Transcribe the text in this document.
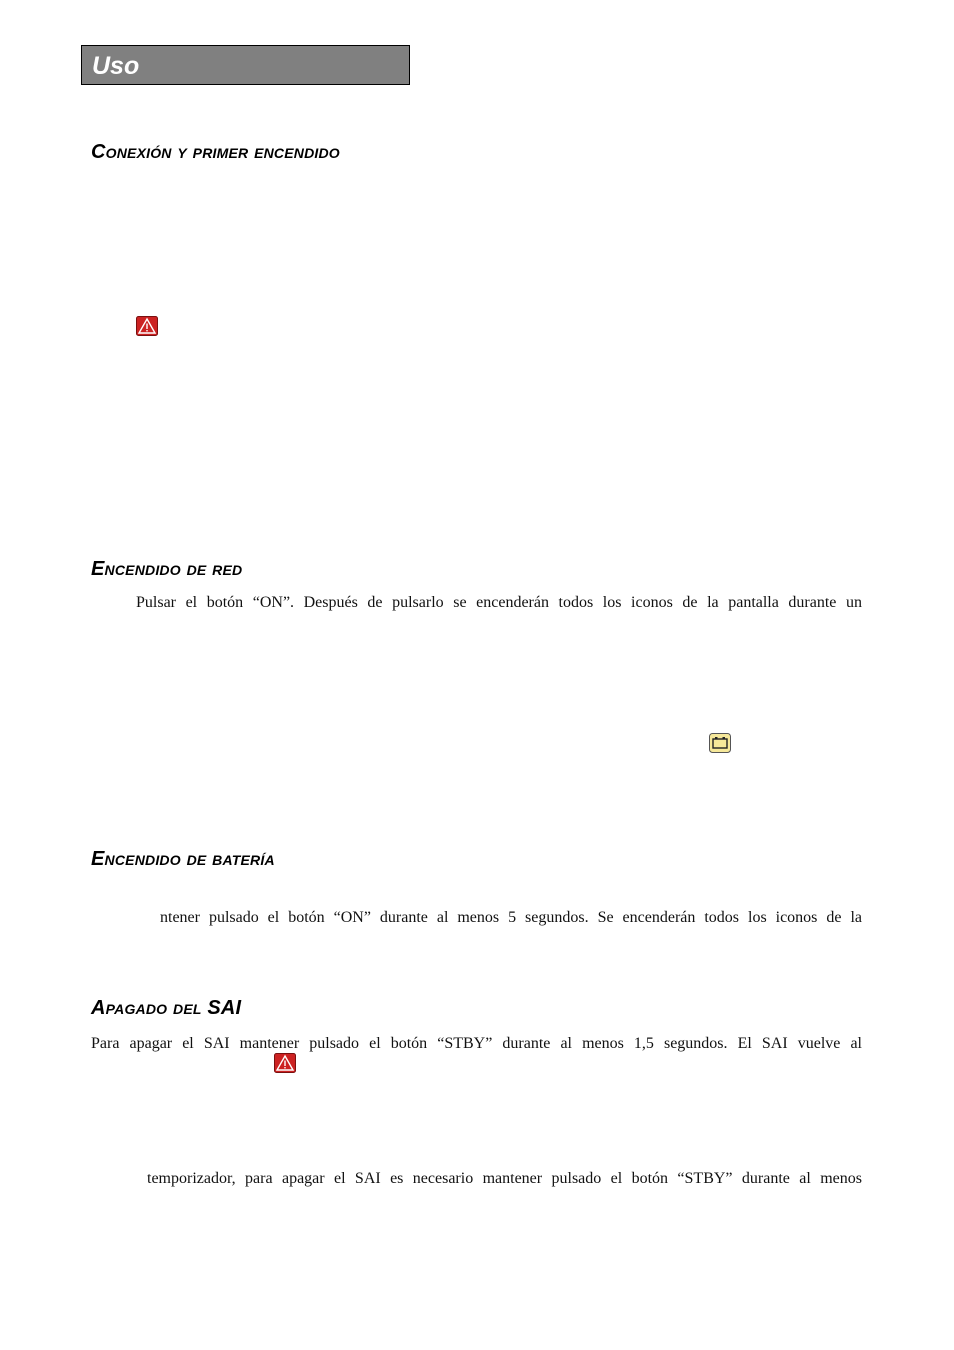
Uso
Conexión y primer encendido
Encendido de red
Pulsar el botón “ON”. Después de pulsarlo se encenderán todos los iconos de la pantalla durante un
Encendido de batería
ntener pulsado el botón “ON” durante al menos 5 segundos. Se encenderán todos los iconos de la
Apagado del SAI
Para apagar el SAI mantener pulsado el botón “STBY” durante al menos 1,5 segundos. El SAI vuelve al
temporizador, para apagar el SAI es necesario mantener pulsado el botón “STBY” durante al menos
